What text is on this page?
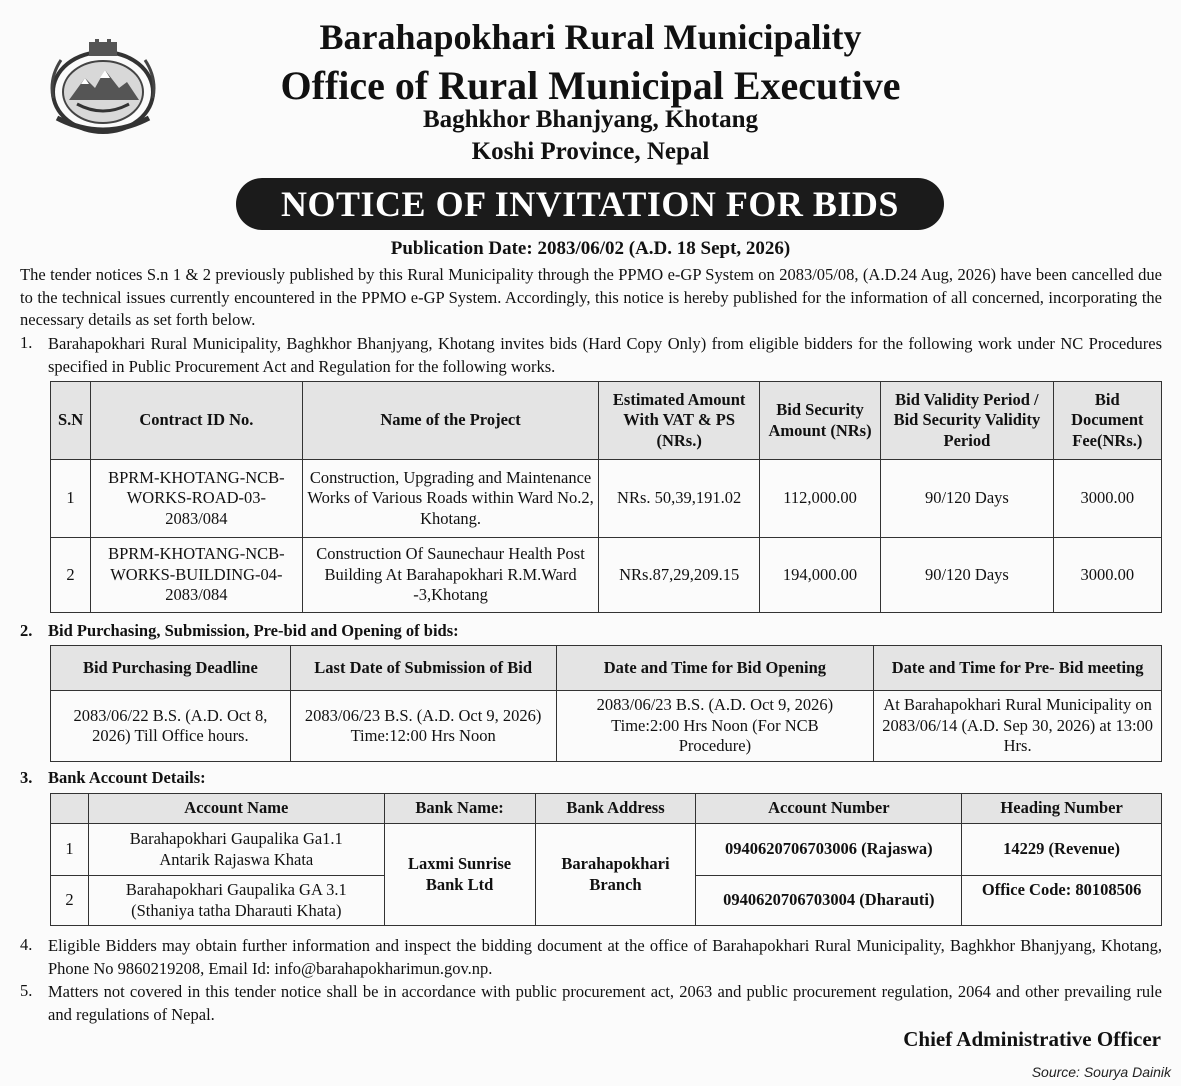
Barahapokhari Rural Municipality
Office of Rural Municipal Executive
Baghkhor Bhanjyang, Khotang
Koshi Province, Nepal
NOTICE OF INVITATION FOR BIDS
Publication Date: 2083/06/02 (A.D. 18 Sept, 2026)
The tender notices S.n 1 & 2 previously published by this Rural Municipality through the PPMO e-GP System on 2083/05/08, (A.D.24 Aug, 2026) have been cancelled due to the technical issues currently encountered in the PPMO e-GP System. Accordingly, this notice is hereby published for the information of all concerned, incorporating the necessary details as set forth below.
1. Barahapokhari Rural Municipality, Baghkhor Bhanjyang, Khotang invites bids (Hard Copy Only) from eligible bidders for the following work under NC Procedures specified in Public Procurement Act and Regulation for the following works.
S.N	Contract ID No.	Name of the Project	Estimated Amount With VAT & PS (NRs.)	Bid Security Amount (NRs)	Bid Validity Period / Bid Security Validity Period	Bid Document Fee(NRs.)
1	BPRM-KHOTANG-NCB-WORKS-ROAD-03-2083/084	Construction, Upgrading and Maintenance Works of Various Roads within Ward No.2, Khotang.	NRs. 50,39,191.02	112,000.00	90/120 Days	3000.00
2	BPRM-KHOTANG-NCB-WORKS-BUILDING-04-2083/084	Construction Of Saunechaur Health Post Building At Barahapokhari R.M.Ward -3,Khotang	NRs.87,29,209.15	194,000.00	90/120 Days	3000.00
2. Bid Purchasing, Submission, Pre-bid and Opening of bids:
Bid Purchasing Deadline	Last Date of Submission of Bid	Date and Time for Bid Opening	Date and Time for Pre- Bid meeting
2083/06/22 B.S. (A.D. Oct 8, 2026) Till Office hours.	2083/06/23 B.S. (A.D. Oct 9, 2026) Time:12:00 Hrs Noon	2083/06/23 B.S. (A.D. Oct 9, 2026) Time:2:00 Hrs Noon (For NCB Procedure)	At Barahapokhari Rural Municipality on 2083/06/14 (A.D. Sep 30, 2026) at 13:00 Hrs.
3. Bank Account Details:
	Account Name	Bank Name:	Bank Address	Account Number	Heading Number
1	Barahapokhari Gaupalika Ga1.1 Antarik Rajaswa Khata	Laxmi Sunrise Bank Ltd	Barahapokhari Branch	0940620706703006 (Rajaswa)	14229 (Revenue)
2	Barahapokhari Gaupalika GA 3.1 (Sthaniya tatha Dharauti Khata)			0940620706703004 (Dharauti)	Office Code: 80108506
4. Eligible Bidders may obtain further information and inspect the bidding document at the office of Barahapokhari Rural Municipality, Baghkhor Bhanjyang, Khotang, Phone No 9860219208, Email Id: info@barahapokharimun.gov.np.
5. Matters not covered in this tender notice shall be in accordance with public procurement act, 2063 and public procurement regulation, 2064 and other prevailing rule and regulations of Nepal.
Chief Administrative Officer
Source: Sourya Dainik
